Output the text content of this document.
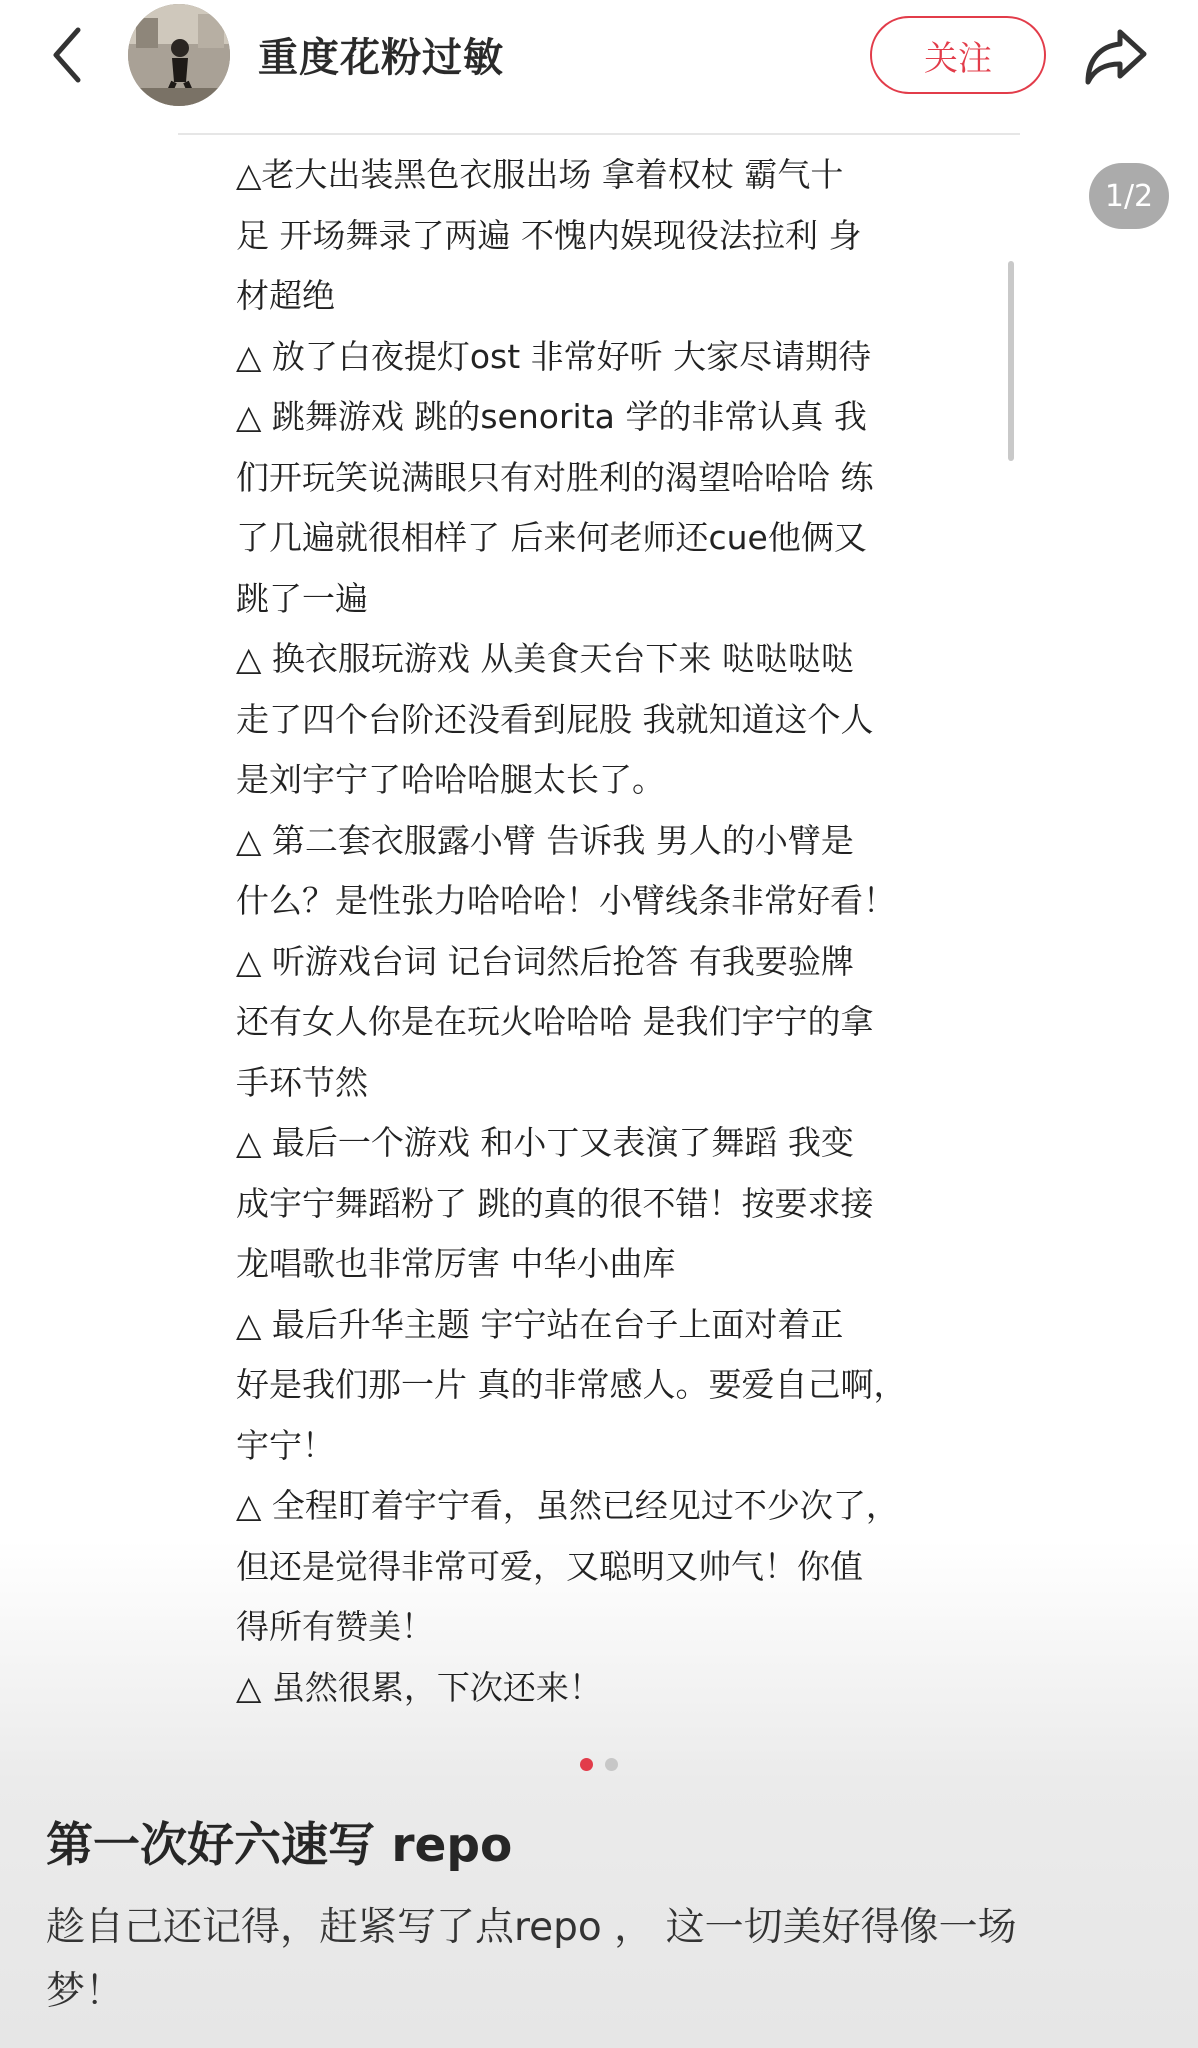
重度花粉过敏	关注
△老大出装黑色衣服出场 拿着权杖 霸气十
足 开场舞录了两遍 不愧内娱现役法拉利 身
材超绝
△ 放了白夜提灯ost 非常好听 大家尽请期待
△ 跳舞游戏 跳的senorita 学的非常认真 我
们开玩笑说满眼只有对胜利的渴望哈哈哈 练
了几遍就很相样了 后来何老师还cue他俩又
跳了一遍
△ 换衣服玩游戏 从美食天台下来 哒哒哒哒
走了四个台阶还没看到屁股 我就知道这个人
是刘宇宁了哈哈哈腿太长了。
△ 第二套衣服露小臂 告诉我 男人的小臂是
什么？是性张力哈哈哈！小臂线条非常好看！
△ 听游戏台词 记台词然后抢答 有我要验牌
还有女人你是在玩火哈哈哈 是我们宇宁的拿
手环节然
△ 最后一个游戏 和小丁又表演了舞蹈 我变
成宇宁舞蹈粉了 跳的真的很不错！按要求接
龙唱歌也非常厉害 中华小曲库
△ 最后升华主题 宇宁站在台子上面对着正
好是我们那一片 真的非常感人。要爱自己啊，
宇宁！
△ 全程盯着宇宁看，虽然已经见过不少次了，
但还是觉得非常可爱，又聪明又帅气！你值
得所有赞美！
△ 虽然很累，下次还来！
1/2
第一次好六速写 repo
趁自己还记得，赶紧写了点repo ， 这一切美好得像一场
梦！
